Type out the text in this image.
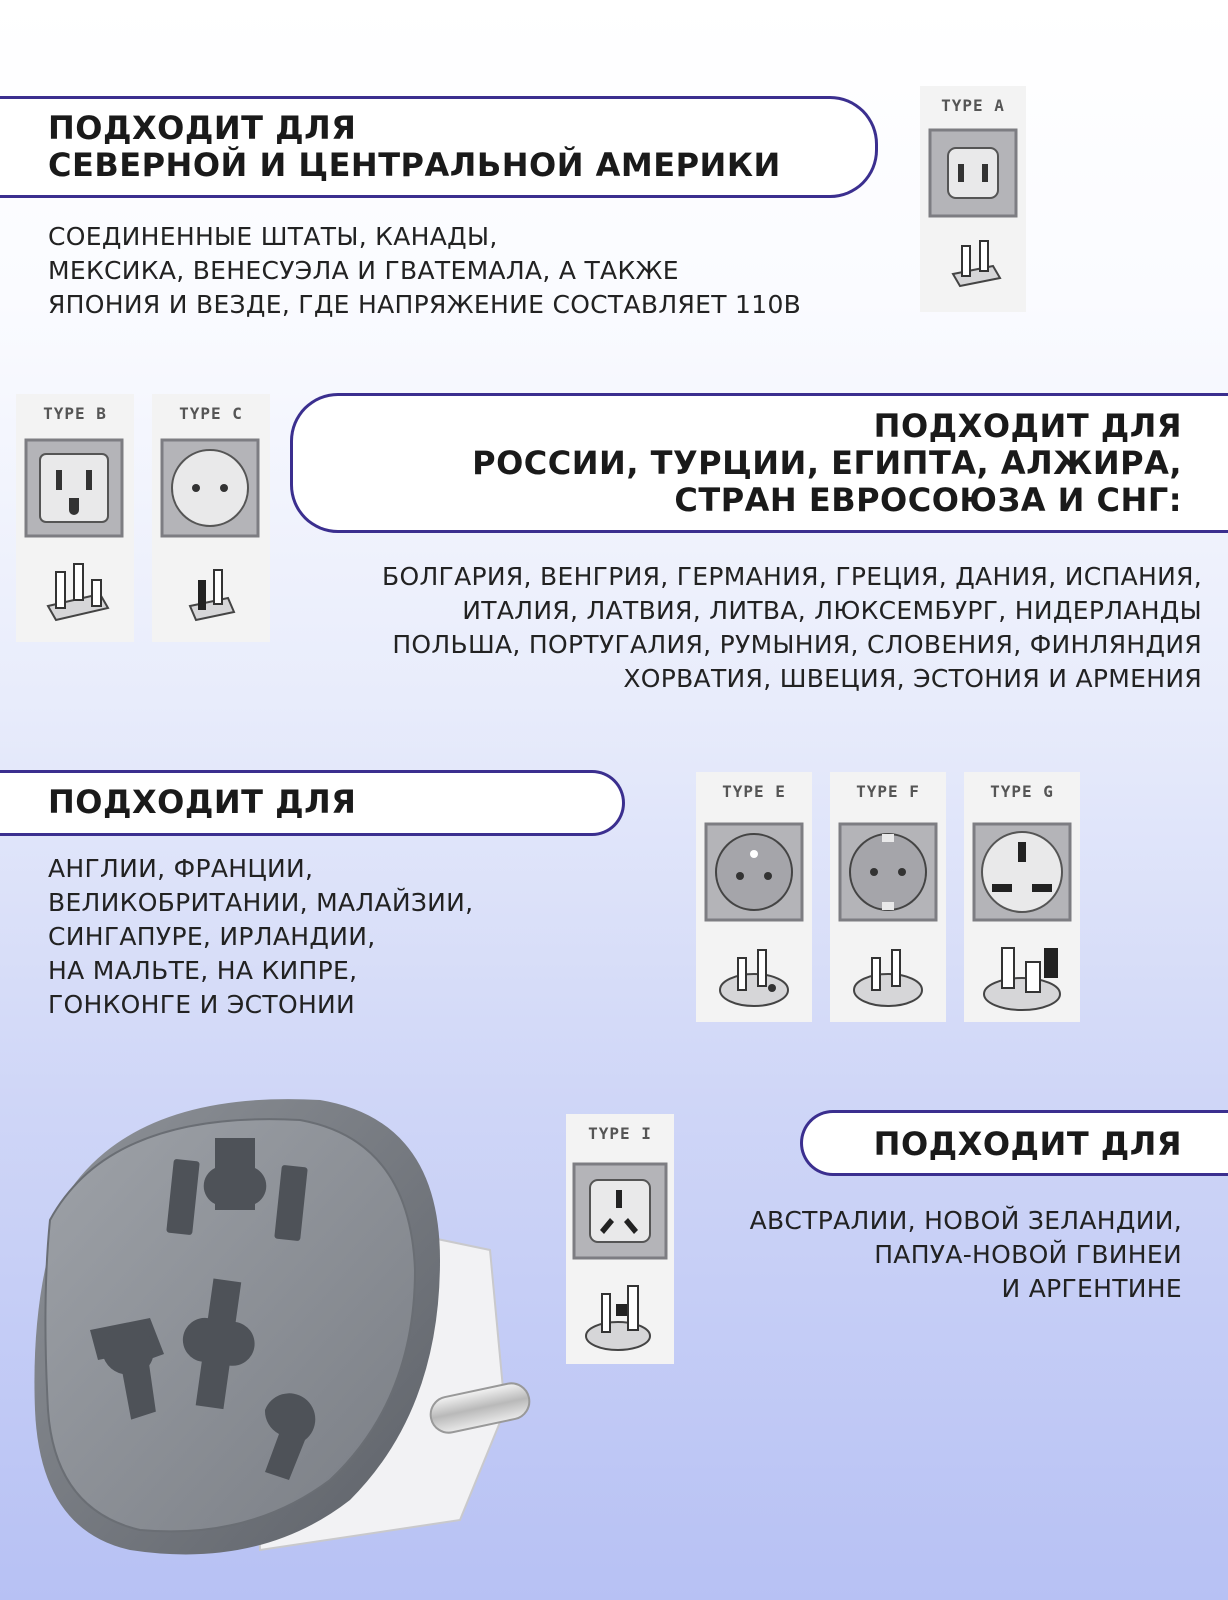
ПОДХОДИТ ДЛЯ
СЕВЕРНОЙ И ЦЕНТРАЛЬНОЙ АМЕРИКИ
СОЕДИНЕННЫЕ ШТАТЫ, КАНАДЫ,
МЕКСИКА, ВЕНЕСУЭЛА И ГВАТЕМАЛА, А ТАКЖЕ
ЯПОНИЯ И ВЕЗДЕ, ГДЕ НАПРЯЖЕНИЕ СОСТАВЛЯЕТ 110В
TYPE A
TYPE B	TYPE C	ПОДХОДИТ ДЛЯ
РОССИИ, ТУРЦИИ, ЕГИПТА, АЛЖИРА,
СТРАН ЕВРОСОЮЗА И СНГ:
БОЛГАРИЯ, ВЕНГРИЯ, ГЕРМАНИЯ, ГРЕЦИЯ, ДАНИЯ, ИСПАНИЯ,
ИТАЛИЯ, ЛАТВИЯ, ЛИТВА, ЛЮКСЕМБУРГ, НИДЕРЛАНДЫ
ПОЛЬША, ПОРТУГАЛИЯ, РУМЫНИЯ, СЛОВЕНИЯ, ФИНЛЯНДИЯ
ХОРВАТИЯ, ШВЕЦИЯ, ЭСТОНИЯ И АРМЕНИЯ
ПОДХОДИТ ДЛЯ
АНГЛИИ, ФРАНЦИИ,
ВЕЛИКОБРИТАНИИ, МАЛАЙЗИИ,
СИНГАПУРЕ, ИРЛАНДИИ,
НА МАЛЬТЕ, НА КИПРЕ,
ГОНКОНГЕ И ЭСТОНИИ
TYPE E	TYPE F	TYPE G
ПОДХОДИТ ДЛЯ
АВСТРАЛИИ, НОВОЙ ЗЕЛАНДИИ,
ПАПУА-НОВОЙ ГВИНЕИ
И АРГЕНТИНЕ
TYPE I
